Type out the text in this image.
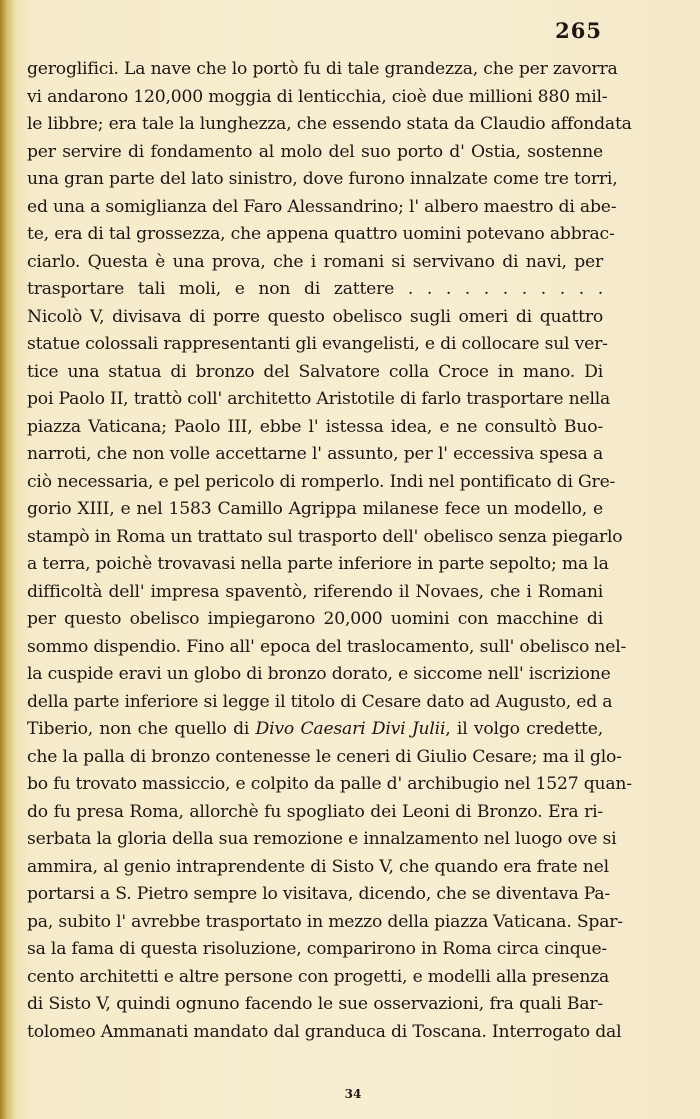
265
geroglifici. La nave che lo portò fu di tale grandezza, che per zavorra
vi andarono 120,000 moggia di lenticchia, cioè due millioni 880 mil-
le libbre; era tale la lunghezza, che essendo stata da Claudio affondata
per servire di fondamento al molo del suo porto d' Ostia, sostenne
una gran parte del lato sinistro, dove furono innalzate come tre torri,
ed una a somiglianza del Faro Alessandrino; l' albero maestro di abe-
te, era di tal grossezza, che appena quattro uomini potevano abbrac-
ciarlo. Questa è una prova, che i romani si servivano di navi, per
trasportare tali moli, e non di zattere . . . . . . . . . . .
Nicolò V, divisava di porre questo obelisco sugli omeri di quattro
statue colossali rappresentanti gli evangelisti, e di collocare sul ver-
tice una statua di bronzo del Salvatore colla Croce in mano. Di
poi Paolo II, trattò coll' architetto Aristotile di farlo trasportare nella
piazza Vaticana; Paolo III, ebbe l' istessa idea, e ne consultò Buo-
narroti, che non volle accettarne l' assunto, per l' eccessiva spesa a
ciò necessaria, e pel pericolo di romperlo. Indi nel pontificato di Gre-
gorio XIII, e nel 1583 Camillo Agrippa milanese fece un modello, e
stampò in Roma un trattato sul trasporto dell' obelisco senza piegarlo
a terra, poichè trovavasi nella parte inferiore in parte sepolto; ma la
difficoltà dell' impresa spaventò, riferendo il Novaes, che i Romani
per questo obelisco impiegarono 20,000 uomini con macchine di
sommo dispendio. Fino all' epoca del traslocamento, sull' obelisco nel-
la cuspide eravi un globo di bronzo dorato, e siccome nell' iscrizione
della parte inferiore si legge il titolo di Cesare dato ad Augusto, ed a
Tiberio, non che quello di Divo Caesari Divi Julii, il volgo credette,
che la palla di bronzo contenesse le ceneri di Giulio Cesare; ma il glo-
bo fu trovato massiccio, e colpito da palle d' archibugio nel 1527 quan-
do fu presa Roma, allorchè fu spogliato dei Leoni di Bronzo. Era ri-
serbata la gloria della sua remozione e innalzamento nel luogo ove si
ammira, al genio intraprendente di Sisto V, che quando era frate nel
portarsi a S. Pietro sempre lo visitava, dicendo, che se diventava Pa-
pa, subito l' avrebbe trasportato in mezzo della piazza Vaticana. Spar-
sa la fama di questa risoluzione, comparirono in Roma circa cinque-
cento architetti e altre persone con progetti, e modelli alla presenza
di Sisto V, quindi ognuno facendo le sue osservazioni, fra quali Bar-
tolomeo Ammanati mandato dal granduca di Toscana. Interrogato dal
34
